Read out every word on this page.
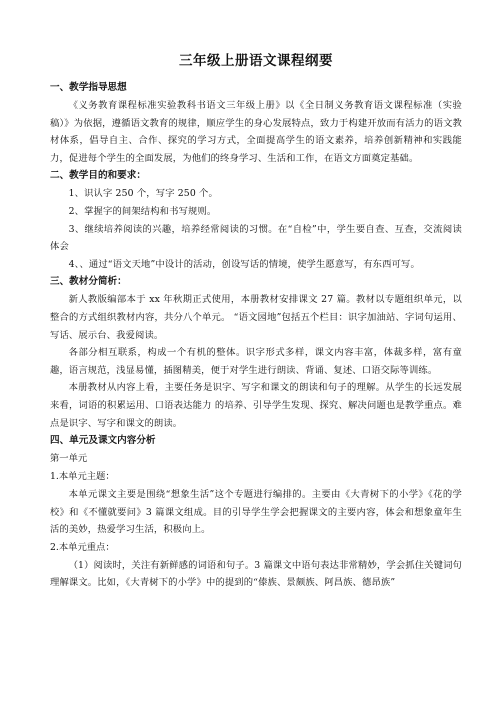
三年级上册语文课程纲要
一、教学指导思想
《义务教育课程标准实验教科书语文三年级上册》以《全日制义务教育语文课程标准（实验稿）》为依据，遵循语文教育的规律，顺应学生的身心发展特点，致力于构建开放而有活力的语文教材体系，倡导自主、合作、探究的学习方式，全面提高学生的语文素养，培养创新精神和实践能力，促进每个学生的全面发展，为他们的终身学习、生活和工作，在语文方面奠定基础。
二、教学目的和要求：
1、识认字 250 个，写字 250 个。
2、掌握字的间架结构和书写规则。
3、继续培养阅读的兴趣，培养经常阅读的习惯。在“自检”中，学生要自查、互查，交流阅读体会
4、、通过“语文天地”中设计的活动，创设写话的情境，使学生愿意写，有东西可写。
三、教材分简析：
新人教版编部本于 xx 年秋期正式使用，本册教材安排课文 27 篇。教材以专题组织单元，以整合的方式组织教材内容，共分八个单元。 “语文园地”包括五个栏目：识字加油站、字词句运用、写话、展示台、我爱阅读。
各部分相互联系，构成一个有机的整体。识字形式多样，课文内容丰富，体裁多样，富有童趣，语言规范，浅显易懂，插图精美，便于对学生进行朗读、背诵、复述、口语交际等训练。
本册教材从内容上看，主要任务是识字、写字和课文的朗读和句子的理解。从学生的长远发展来看，词语的积累运用、口语表达能力 的培养、引导学生发现、探究、解决问题也是教学重点。难点是识字、写字和课文的朗读。
四、单元及课文内容分析
第一单元
1.本单元主题：
本单元课文主要是围绕“想象生活”这个专题进行编排的。主要由《大青树下的小学》《花的学 校》和《不懂就要问》3 篇课文组成。目的引导学生学会把握课文的主要内容，体会和想象童年生活的美妙，热爱学习生活，积极向上。
2.本单元重点：
（1）阅读时，关注有新鲜感的词语和句子。3 篇课文中语句表达非常精妙，学会抓住关键词句理解课文。比如，《大青树下的小学》中的提到的“傣族、景颇族、阿昌族、德昂族”
